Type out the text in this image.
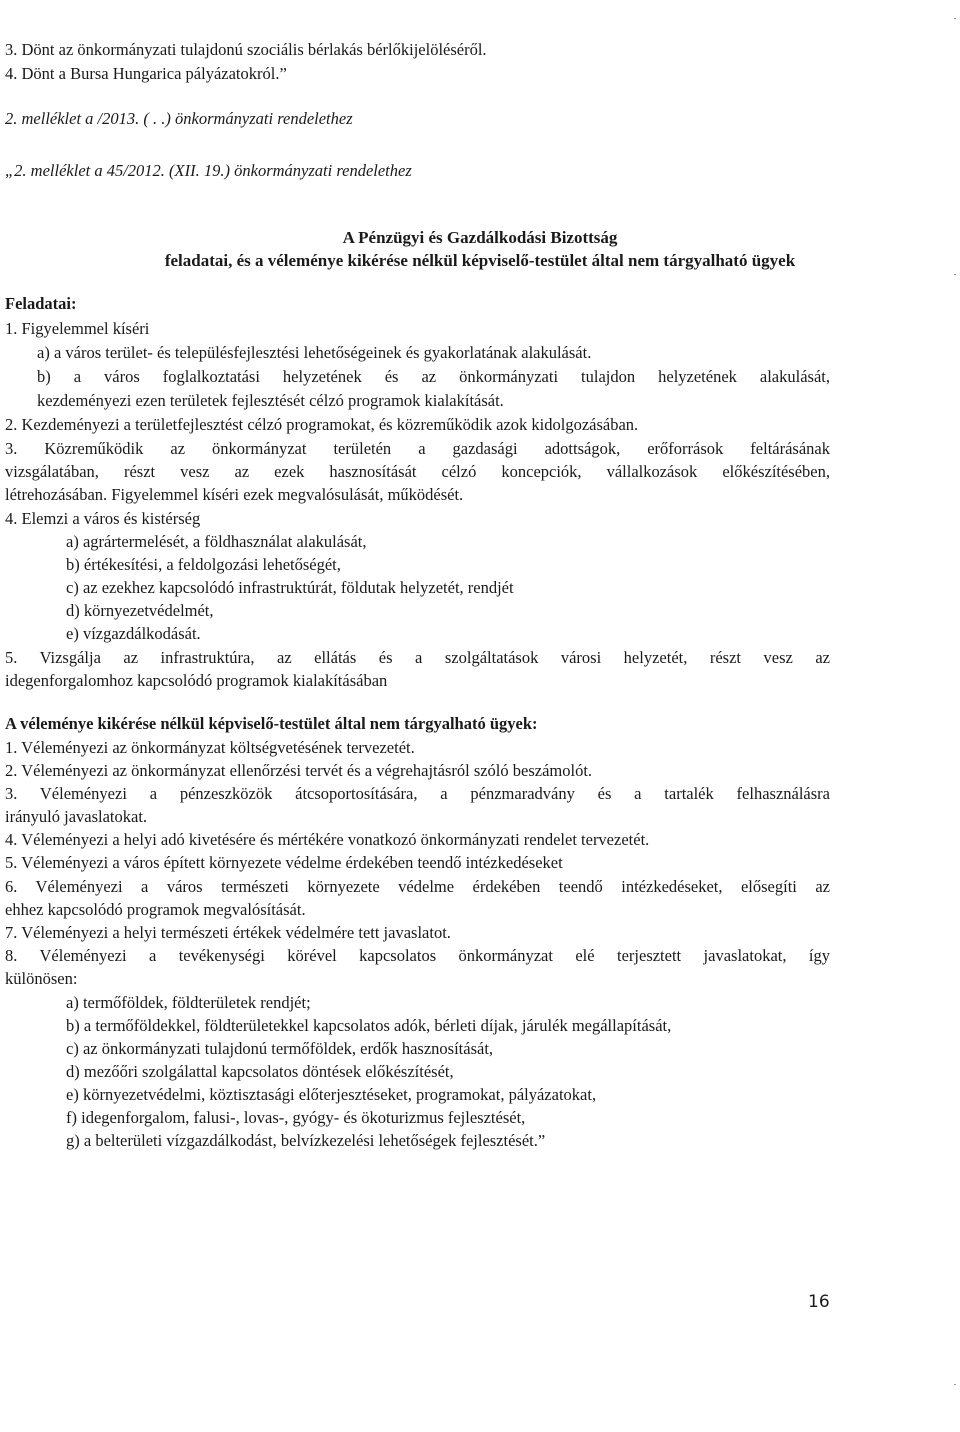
3. Dönt az önkormányzati tulajdonú szociális bérlakás bérlőkijelöléséről.
4. Dönt a Bursa Hungarica pályázatokról.”
2. melléklet a /2013. ( . .) önkormányzati rendelethez
„2. melléklet a 45/2012. (XII. 19.) önkormányzati rendelethez
A Pénzügyi és Gazdálkodási Bizottság
feladatai, és a véleménye kikérése nélkül képviselő-testület által nem tárgyalható ügyek
Feladatai:
1. Figyelemmel kíséri
a) a város terület- és településfejlesztési lehetőségeinek és gyakorlatának alakulását.
b) a város foglalkoztatási helyzetének és az önkormányzati tulajdon helyzetének alakulását,
kezdeményezi ezen területek fejlesztését célzó programok kialakítását.
2. Kezdeményezi a területfejlesztést célzó programokat, és közreműködik azok kidolgozásában.
3. Közreműködik az önkormányzat területén a gazdasági adottságok, erőforrások feltárásának
vizsgálatában, részt vesz az ezek hasznosítását célzó koncepciók, vállalkozások előkészítésében,
létrehozásában. Figyelemmel kíséri ezek megvalósulását, működését.
4. Elemzi a város és kistérség
a) agrártermelését, a földhasználat alakulását,
b) értékesítési, a feldolgozási lehetőségét,
c) az ezekhez kapcsolódó infrastruktúrát, földutak helyzetét, rendjét
d) környezetvédelmét,
e) vízgazdálkodását.
5. Vizsgálja az infrastruktúra, az ellátás és a szolgáltatások városi helyzetét, részt vesz az
idegenforgalomhoz kapcsolódó programok kialakításában
A véleménye kikérése nélkül képviselő-testület által nem tárgyalható ügyek:
1. Véleményezi az önkormányzat költségvetésének tervezetét.
2. Véleményezi az önkormányzat ellenőrzési tervét és a végrehajtásról szóló beszámolót.
3. Véleményezi a pénzeszközök átcsoportosítására, a pénzmaradvány és a tartalék felhasználásra
irányuló javaslatokat.
4. Véleményezi a helyi adó kivetésére és mértékére vonatkozó önkormányzati rendelet tervezetét.
5. Véleményezi a város épített környezete védelme érdekében teendő intézkedéseket
6. Véleményezi a város természeti környezete védelme érdekében teendő intézkedéseket, elősegíti az
ehhez kapcsolódó programok megvalósítását.
7. Véleményezi a helyi természeti értékek védelmére tett javaslatot.
8. Véleményezi a tevékenységi körével kapcsolatos önkormányzat elé terjesztett javaslatokat, így
különösen:
a) termőföldek, földterületek rendjét;
b) a termőföldekkel, földterületekkel kapcsolatos adók, bérleti díjak, járulék megállapítását,
c) az önkormányzati tulajdonú termőföldek, erdők hasznosítását,
d) mezőőri szolgálattal kapcsolatos döntések előkészítését,
e) környezetvédelmi, köztisztasági előterjesztéseket, programokat, pályázatokat,
f) idegenforgalom, falusi-, lovas-, gyógy- és ökoturizmus fejlesztését,
g) a belterületi vízgazdálkodást, belvízkezelési lehetőségek fejlesztését.”
16
